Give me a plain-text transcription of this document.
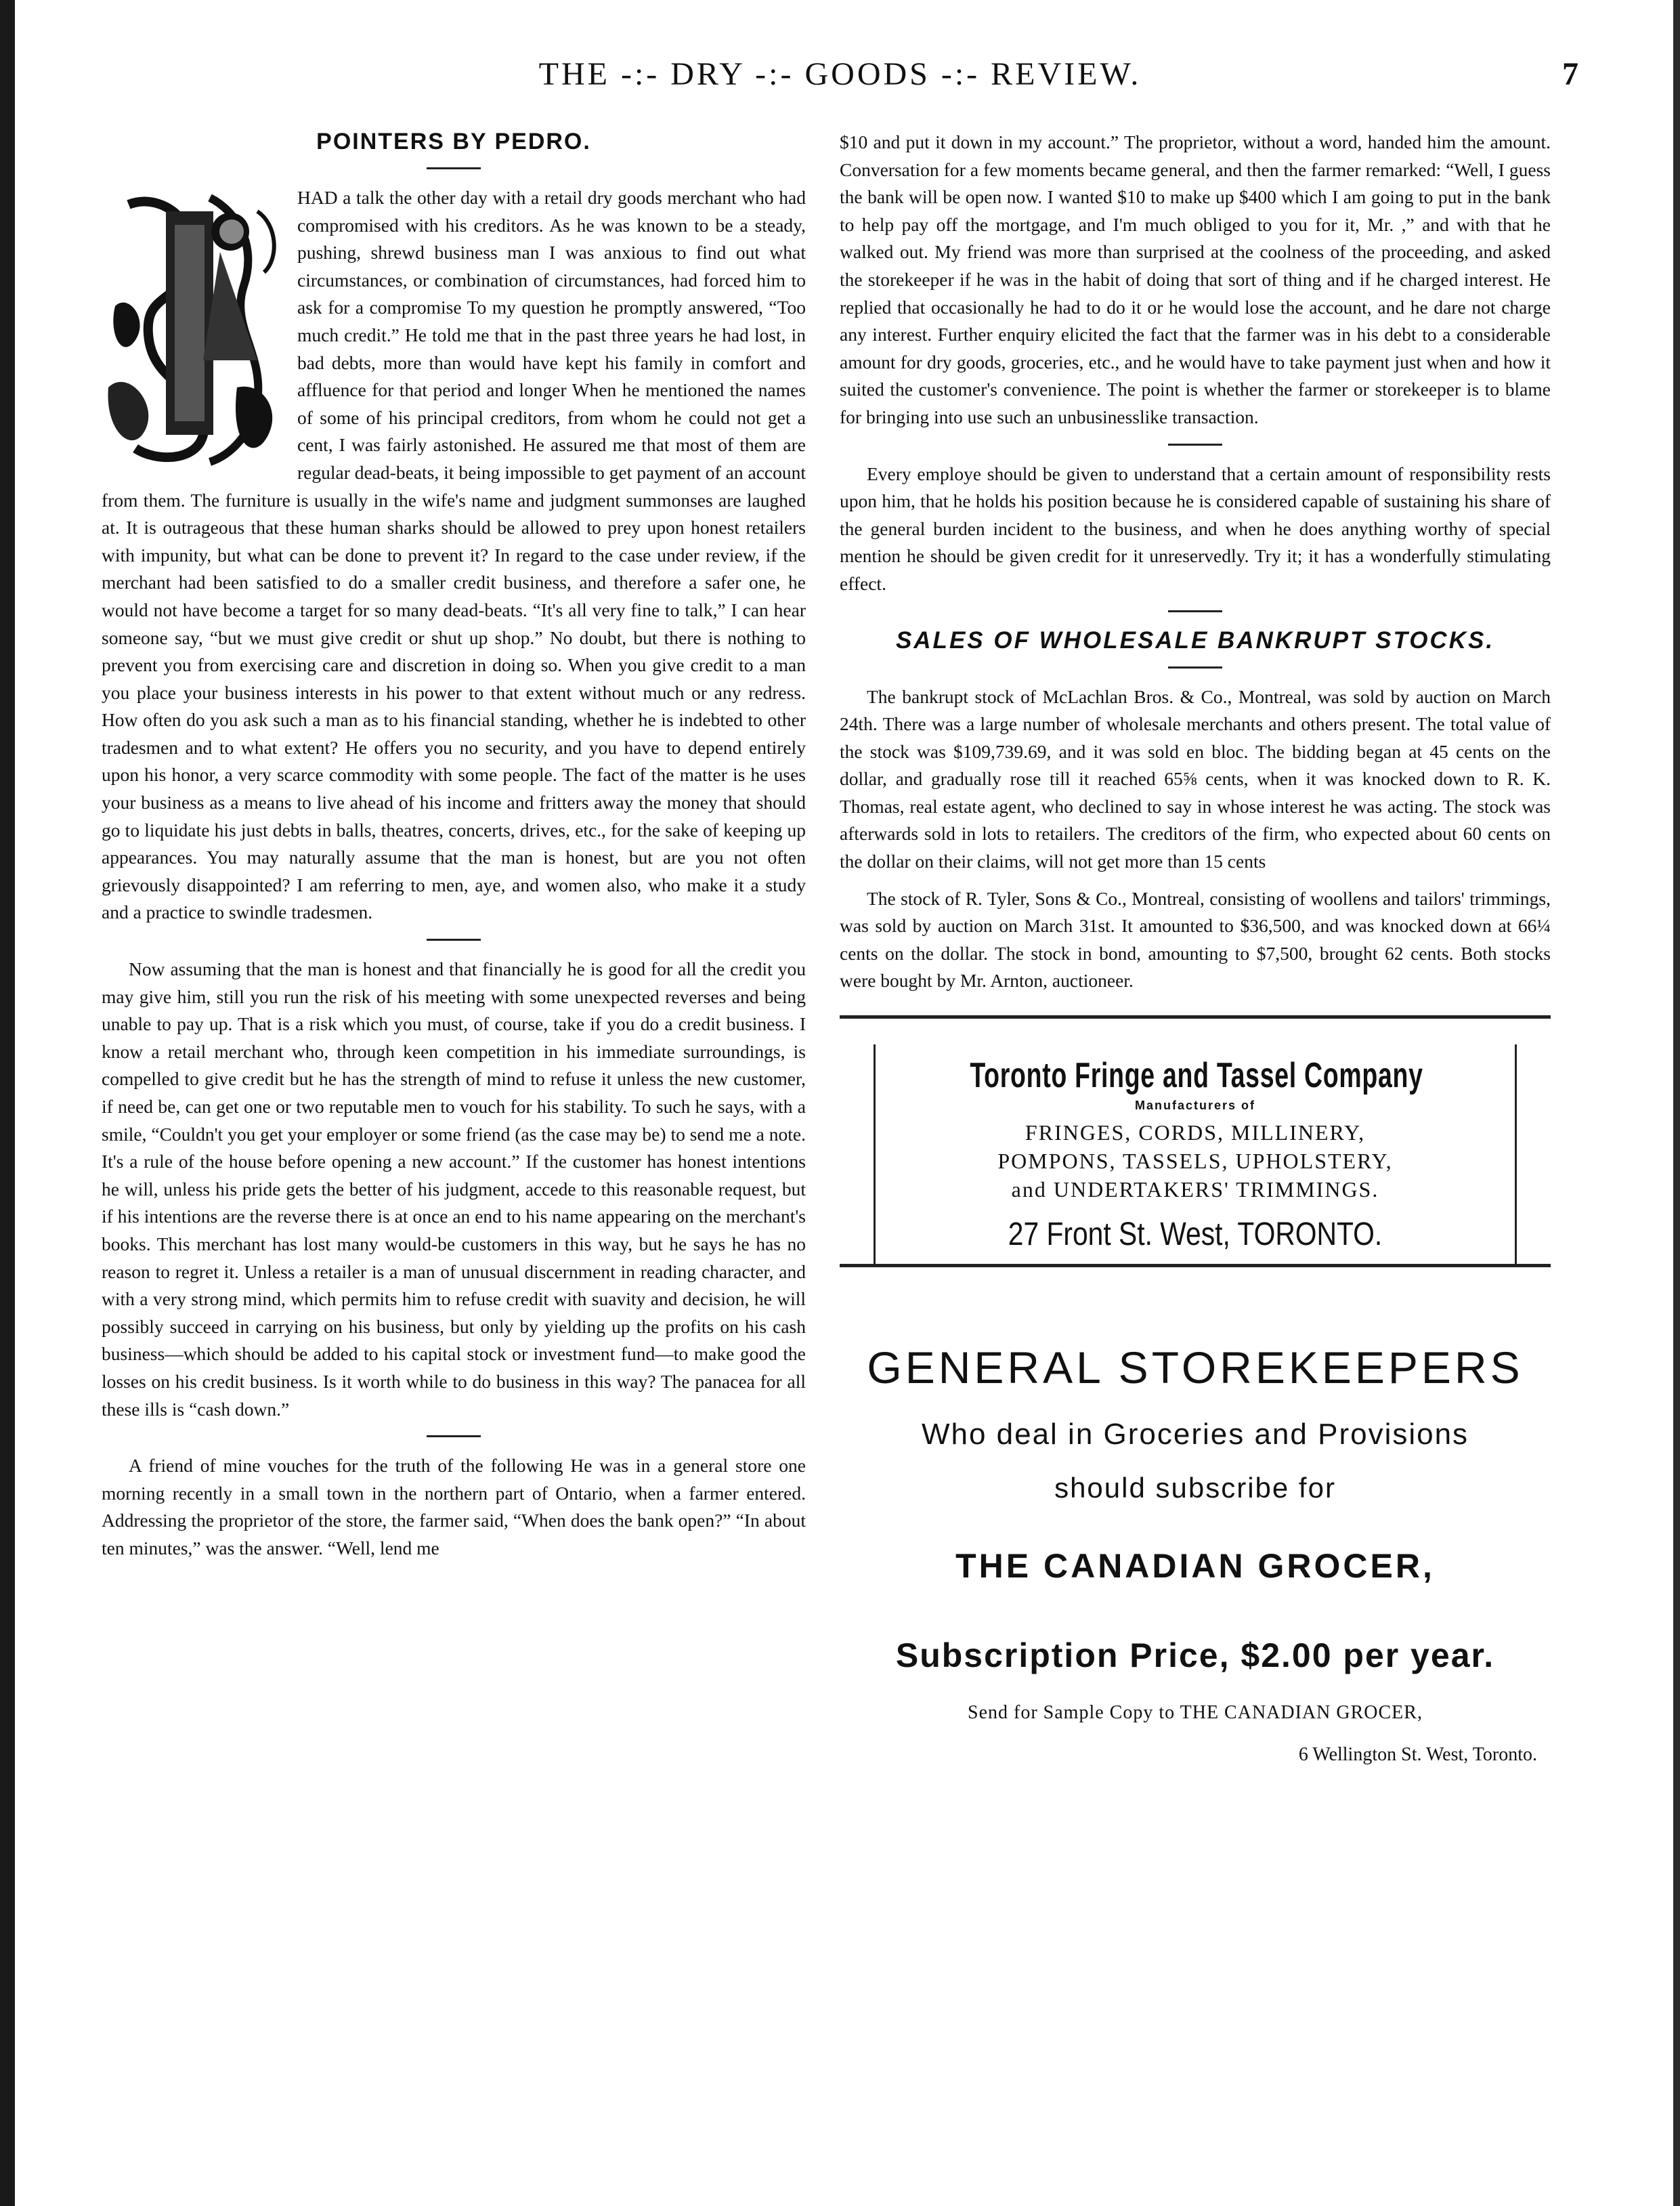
THE -:- DRY -:- GOODS -:- REVIEW.	7
POINTERS BY PEDRO.

HAD a talk the other day with a retail dry goods merchant who had compromised with his creditors. As he was known to be a steady, pushing, shrewd business man I was anxious to find out what circumstances, or combination of circumstances, had forced him to ask for a compromise To my question he promptly answered, “Too much credit.” He told me that in the past three years he had lost, in bad debts, more than would have kept his family in comfort and affluence for that period and longer When he mentioned the names of some of his principal creditors, from whom he could not get a cent, I was fairly astonished. He assured me that most of them are regular dead-beats, it being impossible to get payment of an account from them. The furniture is usually in the wife's name and judgment summonses are laughed at. It is outrageous that these human sharks should be allowed to prey upon honest retailers with impunity, but what can be done to prevent it? In regard to the case under review, if the merchant had been satisfied to do a smaller credit business, and therefore a safer one, he would not have become a target for so many dead-beats. “It's all very fine to talk,” I can hear someone say, “but we must give credit or shut up shop.” No doubt, but there is nothing to prevent you from exercising care and discretion in doing so. When you give credit to a man you place your business interests in his power to that extent without much or any redress. How often do you ask such a man as to his financial standing, whether he is indebted to other tradesmen and to what extent? He offers you no security, and you have to depend entirely upon his honor, a very scarce commodity with some people. The fact of the matter is he uses your business as a means to live ahead of his income and fritters away the money that should go to liquidate his just debts in balls, theatres, concerts, drives, etc., for the sake of keeping up appearances. You may naturally assume that the man is honest, but are you not often grievously disappointed? I am referring to men, aye, and women also, who make it a study and a practice to swindle tradesmen.

Now assuming that the man is honest and that financially he is good for all the credit you may give him, still you run the risk of his meeting with some unexpected reverses and being unable to pay up. That is a risk which you must, of course, take if you do a credit business. I know a retail merchant who, through keen competition in his immediate surroundings, is compelled to give credit but he has the strength of mind to refuse it unless the new customer, if need be, can get one or two reputable men to vouch for his stability. To such he says, with a smile, “Couldn't you get your employer or some friend (as the case may be) to send me a note. It's a rule of the house before opening a new account.” If the customer has honest intentions he will, unless his pride gets the better of his judgment, accede to this reasonable request, but if his intentions are the reverse there is at once an end to his name appearing on the merchant's books. This merchant has lost many would-be customers in this way, but he says he has no reason to regret it. Unless a retailer is a man of unusual discernment in reading character, and with a very strong mind, which permits him to refuse credit with suavity and decision, he will possibly succeed in carrying on his business, but only by yielding up the profits on his cash business—which should be added to his capital stock or investment fund—to make good the losses on his credit business. Is it worth while to do business in this way? The panacea for all these ills is “cash down.”

A friend of mine vouches for the truth of the following He was in a general store one morning recently in a small town in the northern part of Ontario, when a farmer entered. Addressing the proprietor of the store, the farmer said, “When does the bank open?” “In about ten minutes,” was the answer. “Well, lend me

$10 and put it down in my account.” The proprietor, without a word, handed him the amount. Conversation for a few moments became general, and then the farmer remarked: “Well, I guess the bank will be open now. I wanted $10 to make up $400 which I am going to put in the bank to help pay off the mortgage, and I'm much obliged to you for it, Mr. ,” and with that he walked out. My friend was more than surprised at the coolness of the proceeding, and asked the storekeeper if he was in the habit of doing that sort of thing and if he charged interest. He replied that occasionally he had to do it or he would lose the account, and he dare not charge any interest. Further enquiry elicited the fact that the farmer was in his debt to a considerable amount for dry goods, groceries, etc., and he would have to take payment just when and how it suited the customer's convenience. The point is whether the farmer or storekeeper is to blame for bringing into use such an unbusinesslike transaction.

Every employe should be given to understand that a certain amount of responsibility rests upon him, that he holds his position because he is considered capable of sustaining his share of the general burden incident to the business, and when he does anything worthy of special mention he should be given credit for it unreservedly. Try it; it has a wonderfully stimulating effect.

SALES OF WHOLESALE BANKRUPT STOCKS.

The bankrupt stock of McLachlan Bros. & Co., Montreal, was sold by auction on March 24th. There was a large number of wholesale merchants and others present. The total value of the stock was $109,739.69, and it was sold en bloc. The bidding began at 45 cents on the dollar, and gradually rose till it reached 65⅝ cents, when it was knocked down to R. K. Thomas, real estate agent, who declined to say in whose interest he was acting. The stock was afterwards sold in lots to retailers. The creditors of the firm, who expected about 60 cents on the dollar on their claims, will not get more than 15 cents

The stock of R. Tyler, Sons & Co., Montreal, consisting of woollens and tailors' trimmings, was sold by auction on March 31st. It amounted to $36,500, and was knocked down at 66¼ cents on the dollar. The stock in bond, amounting to $7,500, brought 62 cents. Both stocks were bought by Mr. Arnton, auctioneer.

Toronto Fringe and Tassel Company
Manufacturers of
FRINGES, CORDS, MILLINERY,
POMPONS, TASSELS, UPHOLSTERY,
and UNDERTAKERS' TRIMMINGS.
27 Front St. West, TORONTO.
GENERAL STOREKEEPERS
Who deal in Groceries and Provisions
should subscribe for
THE CANADIAN GROCER,
Subscription Price, $2.00 per year.
Send for Sample Copy to THE CANADIAN GROCER,
6 Wellington St. West, Toronto.
